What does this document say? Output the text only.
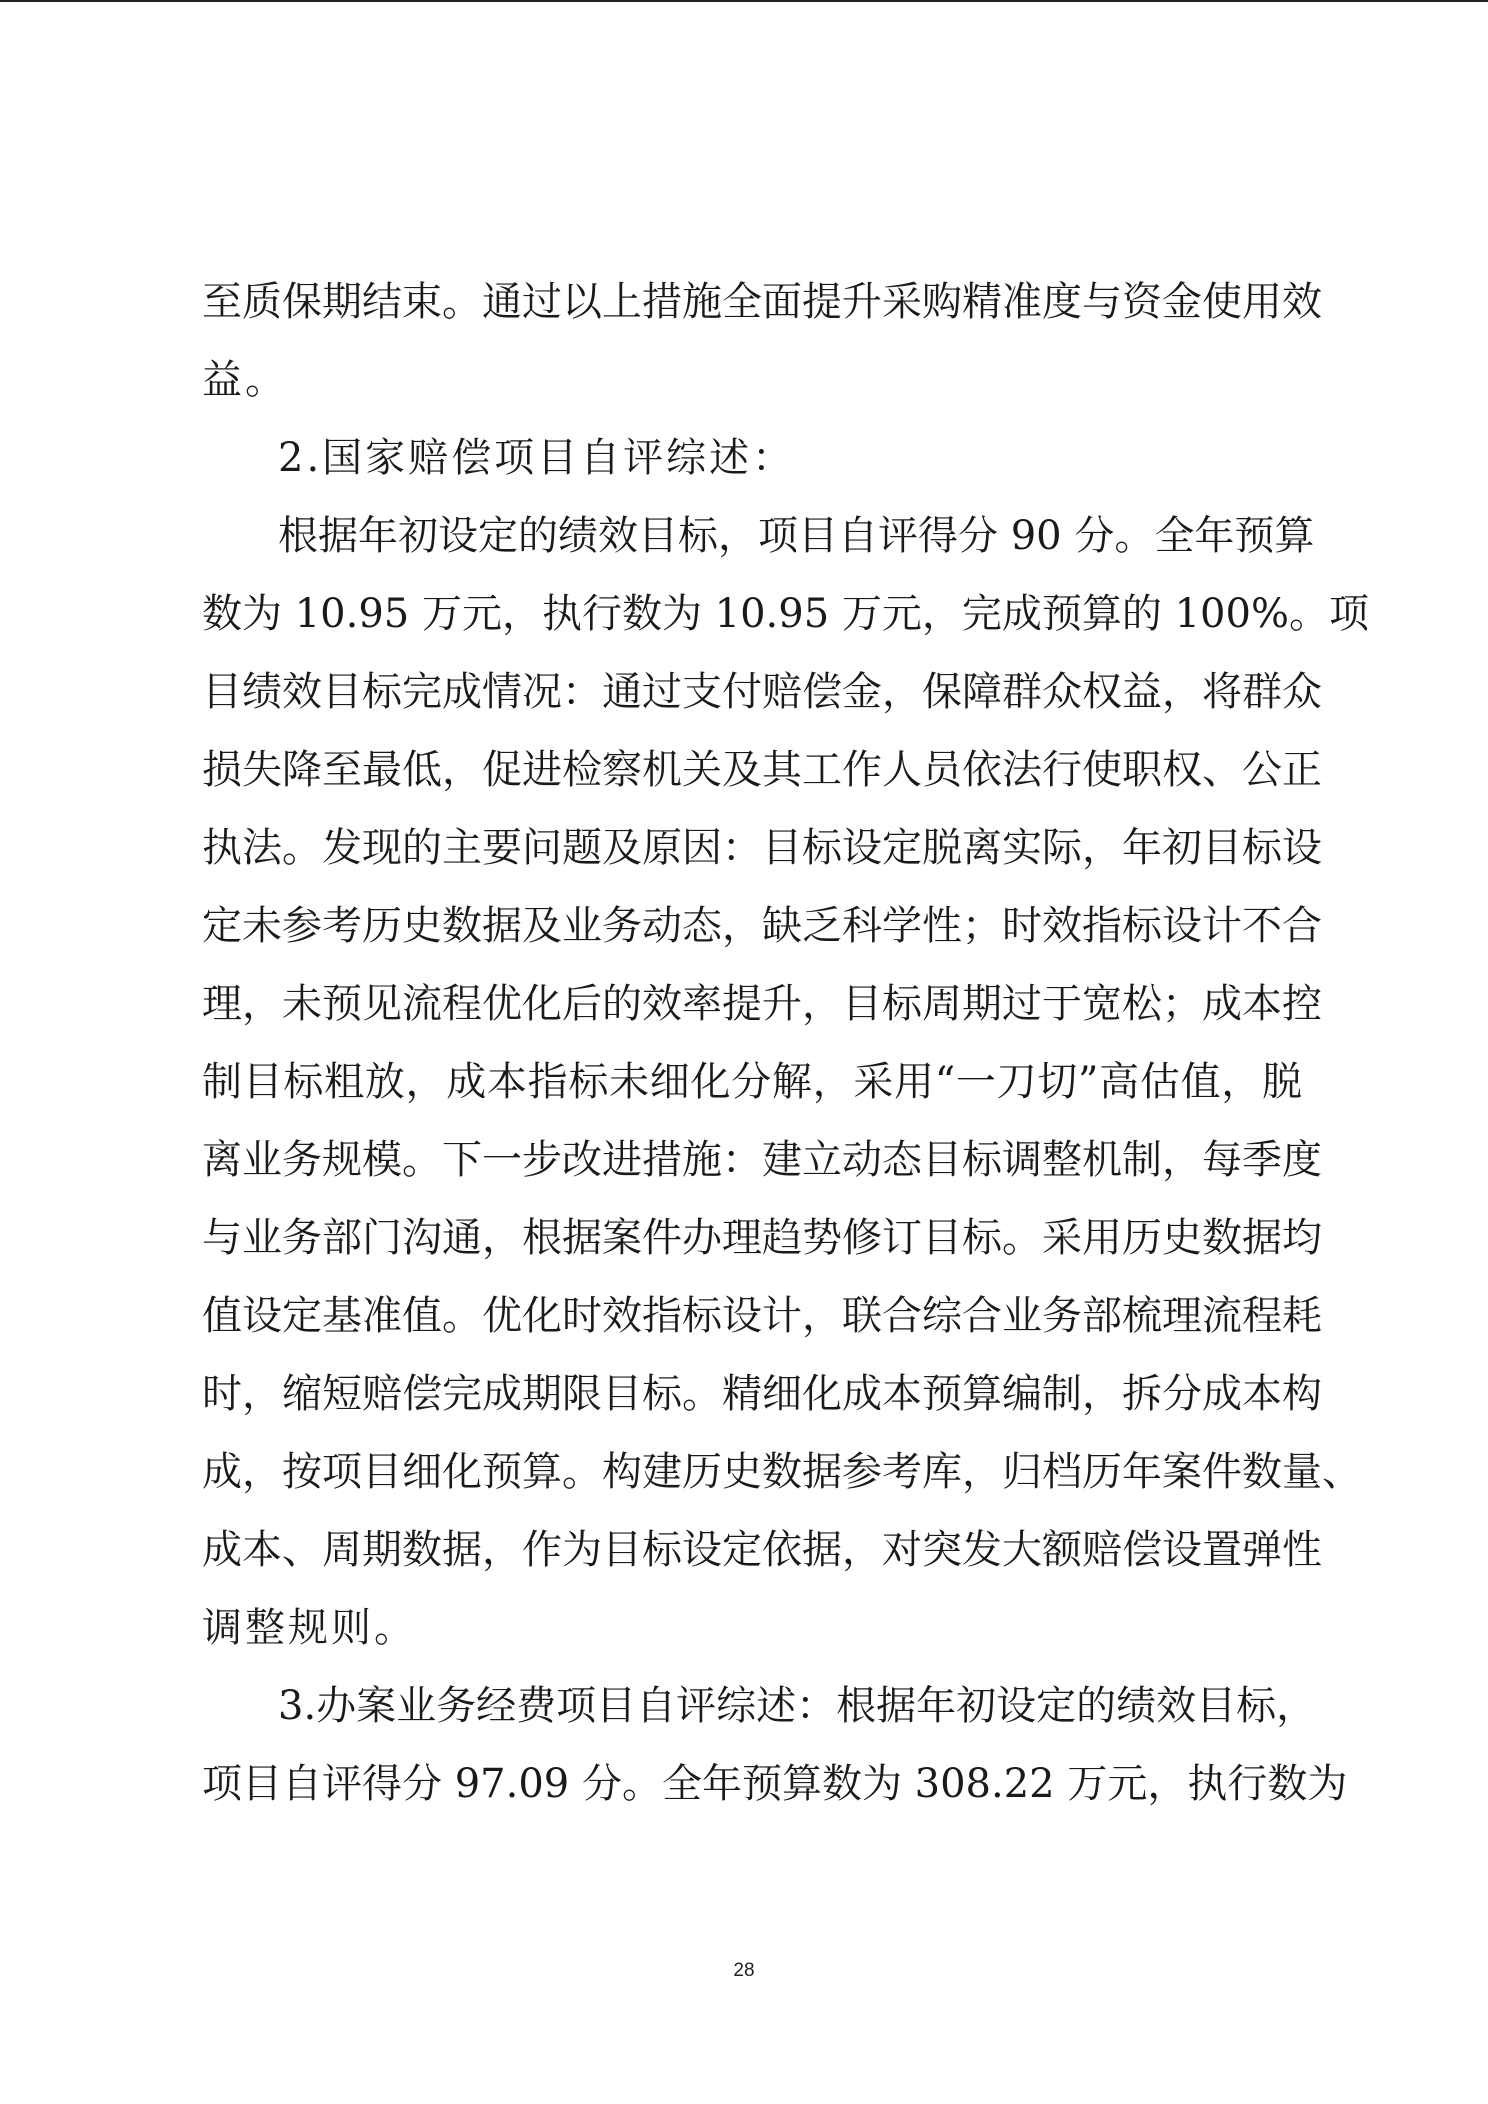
至质保期结束。通过以上措施全面提升采购精准度与资金使用效
益。
2.国家赔偿项目自评综述：
根据年初设定的绩效目标，项目自评得分 90 分。全年预算
数为 10.95 万元，执行数为 10.95 万元，完成预算的 100%。项
目绩效目标完成情况：通过支付赔偿金，保障群众权益，将群众
损失降至最低，促进检察机关及其工作人员依法行使职权、公正
执法。发现的主要问题及原因：目标设定脱离实际，年初目标设
定未参考历史数据及业务动态，缺乏科学性；时效指标设计不合
理，未预见流程优化后的效率提升，目标周期过于宽松；成本控
制目标粗放，成本指标未细化分解，采用“一刀切”高估值，脱
离业务规模。下一步改进措施：建立动态目标调整机制，每季度
与业务部门沟通，根据案件办理趋势修订目标。采用历史数据均
值设定基准值。优化时效指标设计，联合综合业务部梳理流程耗
时，缩短赔偿完成期限目标。精细化成本预算编制，拆分成本构
成，按项目细化预算。构建历史数据参考库，归档历年案件数量、
成本、周期数据，作为目标设定依据，对突发大额赔偿设置弹性
调整规则。
3.办案业务经费项目自评综述：根据年初设定的绩效目标，
项目自评得分 97.09 分。全年预算数为 308.22 万元，执行数为
28
